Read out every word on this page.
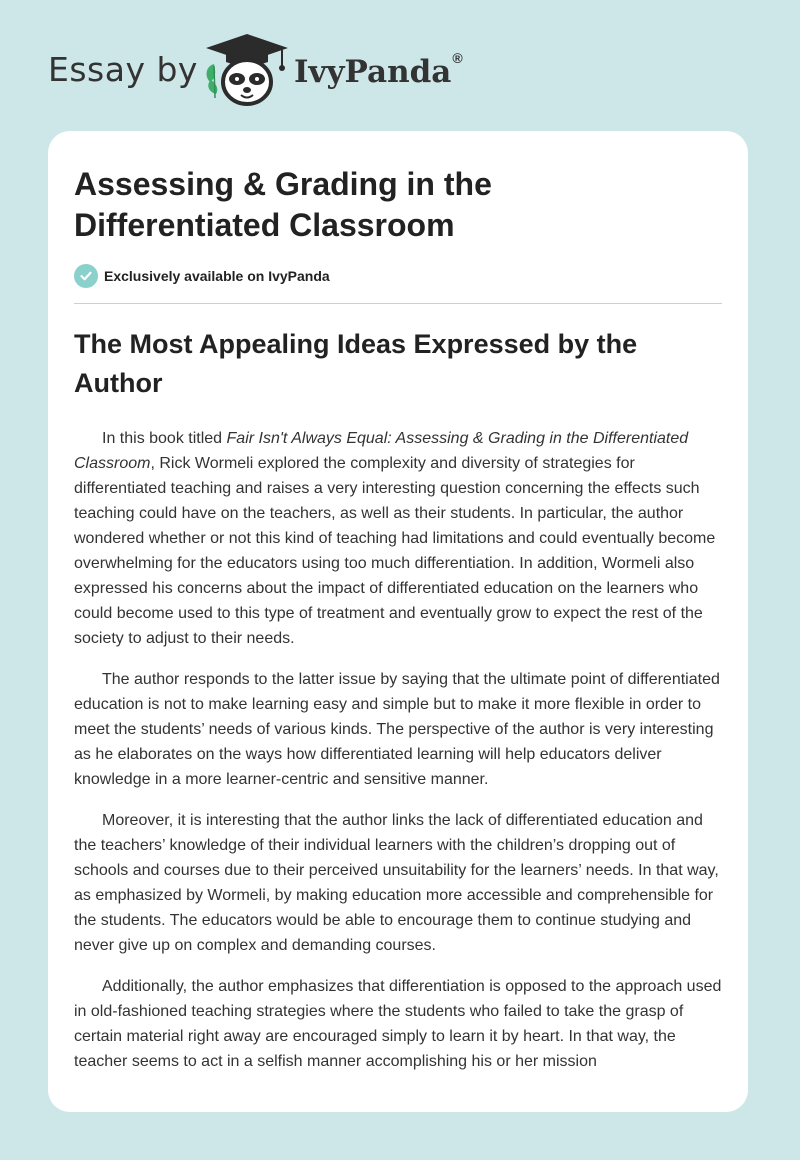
Essay by	IvyPanda®
Assessing & Grading in the Differentiated Classroom
Exclusively available on IvyPanda
The Most Appealing Ideas Expressed by the Author

In this book titled Fair Isn't Always Equal: Assessing & Grading in the Differentiated Classroom, Rick Wormeli explored the complexity and diversity of strategies for differentiated teaching and raises a very interesting question concerning the effects such teaching could have on the teachers, as well as their students. In particular, the author wondered whether or not this kind of teaching had limitations and could eventually become overwhelming for the educators using too much differentiation. In addition, Wormeli also expressed his concerns about the impact of differentiated education on the learners who could become used to this type of treatment and eventually grow to expect the rest of the society to adjust to their needs.

The author responds to the latter issue by saying that the ultimate point of differentiated education is not to make learning easy and simple but to make it more flexible in order to meet the students’ needs of various kinds. The perspective of the author is very interesting as he elaborates on the ways how differentiated learning will help educators deliver knowledge in a more learner-centric and sensitive manner.

Moreover, it is interesting that the author links the lack of differentiated education and the teachers’ knowledge of their individual learners with the children’s dropping out of schools and courses due to their perceived unsuitability for the learners’ needs. In that way, as emphasized by Wormeli, by making education more accessible and comprehensible for the students. The educators would be able to encourage them to continue studying and never give up on complex and demanding courses.

Additionally, the author emphasizes that differentiation is opposed to the approach used in old-fashioned teaching strategies where the students who failed to take the grasp of certain material right away are encouraged simply to learn it by heart. In that way, the teacher seems to act in a selfish manner accomplishing his or her mission
